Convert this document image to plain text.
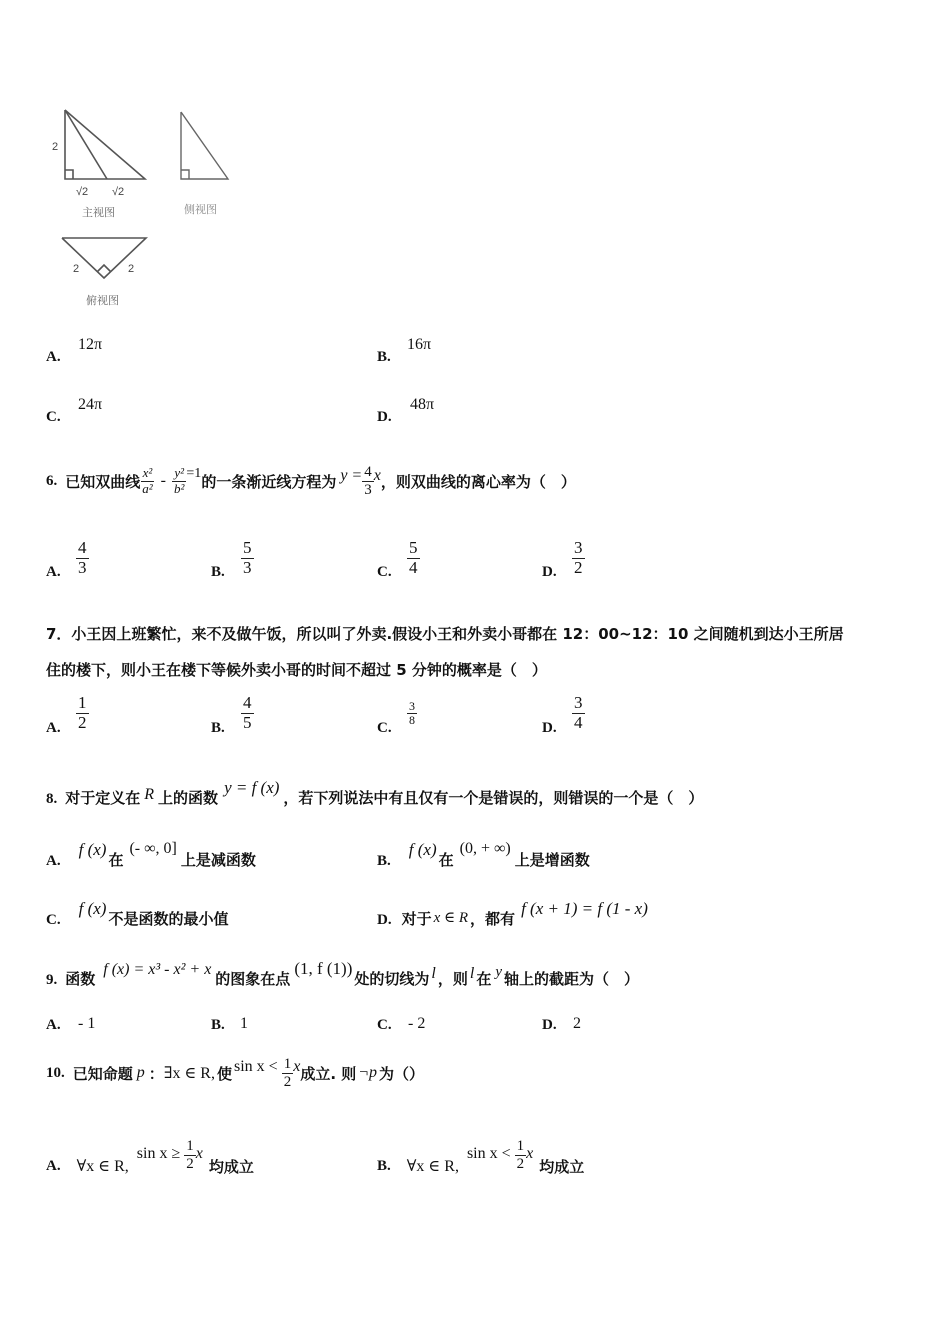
2
√2 √2
主视图	侧视图
2	2
俯视图
A.
12π
B.
16π
C.
24π
D.
48π
6. 已知双曲线 $\frac{\text{x²}}{\text{a²}} - \frac{\text{y²}}{\text{b²}} =1$ 的一条渐近线方程为 $y = \frac{4}{3}$ x ，则双曲线的离心率为（　）
A. $\frac{4}{3}$	B. $\frac{5}{3}$	C. $\frac{5}{4}$	D. $\frac{3}{2}$
7．小王因上班繁忙，来不及做午饭，所以叫了外卖.假设小王和外卖小哥都在 12：00~12：10 之间随机到达小王所居
住的楼下，则小王在楼下等候外卖小哥的时间不超过 5 分钟的概率是（　）
A. $\frac{1}{2}$	B. $\frac{4}{5}$	C.
$\frac{3}{8}$
D. $\frac{3}{4}$
8. 对于定义在 R 上的函数
y = f (x)
，若下列说法中有且仅有一个是错误的，则错误的一个是（　）
A.
f (x)
在
(- ∞, 0]
上是减函数	B.
f (x)
在
(0, + ∞)
上是增函数
C.
f (x)
不是函数的最小值	D. 对于 x ∈ R ，都有
f (x + 1) = f (1 - x)
9. 函数
f (x) = x³ - x² + x
的图象在点
(1, f (1))
处的切线为 l ，则 l 在 y 轴上的截距为（　）
A. - 1	B. 1	C. - 2	D. 2
10. 已知命题 p ： ∃x ∈ R, 使 $\sin x < \frac{1}{2}$ x 成立. 则 ¬p 为（）
A. ∀x ∈ R,
$\sin x \ge \frac{1}{2}$ x
均成立	B. ∀x ∈ R,
$\sin x < \frac{1}{2}$ x
均成立
